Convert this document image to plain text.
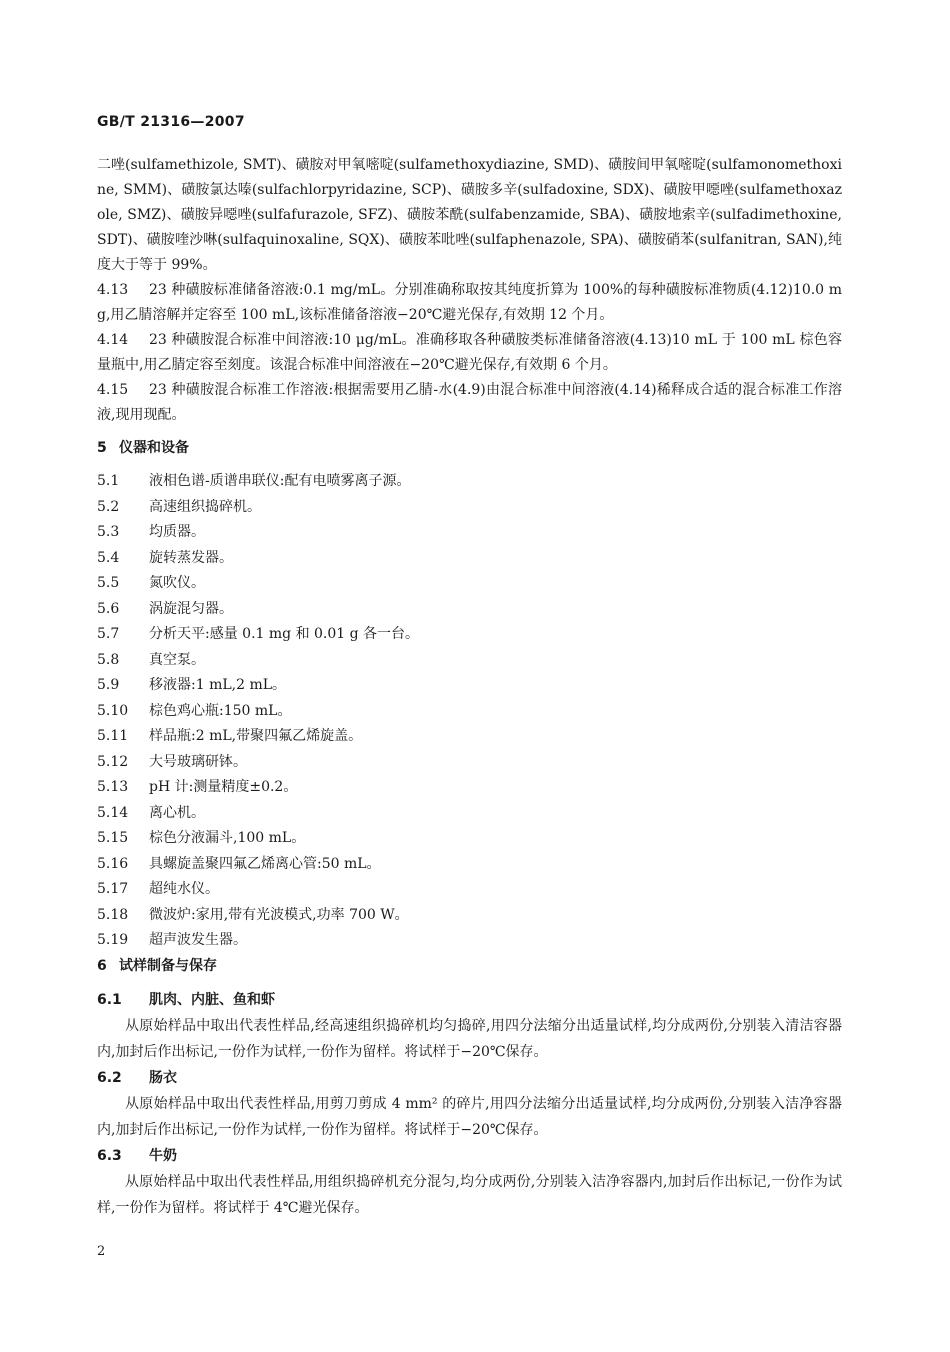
GB/T 21316—2007

二唑(sulfamethizole, SMT)、磺胺对甲氧嘧啶(sulfamethoxydiazine, SMD)、磺胺间甲氧嘧啶(sulfamonomethoxine, SMM)、磺胺氯达嗪(sulfachlorpyridazine, SCP)、磺胺多辛(sulfadoxine, SDX)、磺胺甲噁唑(sulfamethoxazole, SMZ)、磺胺异噁唑(sulfafurazole, SFZ)、磺胺苯酰(sulfabenzamide, SBA)、磺胺地索辛(sulfadimethoxine, SDT)、磺胺喹沙啉(sulfaquinoxaline, SQX)、磺胺苯吡唑(sulfaphenazole, SPA)、磺胺硝苯(sulfanitran, SAN),纯度大于等于 99%。

4.13 23 种磺胺标准储备溶液:0.1 mg/mL。分别准确称取按其纯度折算为 100%的每种磺胺标准物质(4.12)10.0 mg,用乙腈溶解并定容至 100 mL,该标准储备溶液−20℃避光保存,有效期 12 个月。

4.14 23 种磺胺混合标准中间溶液:10 μg/mL。准确移取各种磺胺类标准储备溶液(4.13)10 mL 于 100 mL 棕色容量瓶中,用乙腈定容至刻度。该混合标准中间溶液在−20℃避光保存,有效期 6 个月。

4.15 23 种磺胺混合标准工作溶液:根据需要用乙腈-水(4.9)由混合标准中间溶液(4.14)稀释成合适的混合标准工作溶液,现用现配。

5 仪器和设备

5.1 液相色谱-质谱串联仪:配有电喷雾离子源。

5.2 高速组织捣碎机。

5.3 均质器。

5.4 旋转蒸发器。

5.5 氮吹仪。

5.6 涡旋混匀器。

5.7 分析天平:感量 0.1 mg 和 0.01 g 各一台。

5.8 真空泵。

5.9 移液器:1 mL,2 mL。

5.10 棕色鸡心瓶:150 mL。

5.11 样品瓶:2 mL,带聚四氟乙烯旋盖。

5.12 大号玻璃研钵。

5.13 pH 计:测量精度±0.2。

5.14 离心机。

5.15 棕色分液漏斗,100 mL。

5.16 具螺旋盖聚四氟乙烯离心管:50 mL。

5.17 超纯水仪。

5.18 微波炉:家用,带有光波模式,功率 700 W。

5.19 超声波发生器。

6 试样制备与保存

6.1 肌肉、内脏、鱼和虾

从原始样品中取出代表性样品,经高速组织捣碎机均匀捣碎,用四分法缩分出适量试样,均分成两份,分别装入清洁容器内,加封后作出标记,一份作为试样,一份作为留样。将试样于−20℃保存。

6.2 肠衣

从原始样品中取出代表性样品,用剪刀剪成 4 mm² 的碎片,用四分法缩分出适量试样,均分成两份,分别装入洁净容器内,加封后作出标记,一份作为试样,一份作为留样。将试样于−20℃保存。

6.3 牛奶

从原始样品中取出代表性样品,用组织捣碎机充分混匀,均分成两份,分别装入洁净容器内,加封后作出标记,一份作为试样,一份作为留样。将试样于 4℃避光保存。

2
